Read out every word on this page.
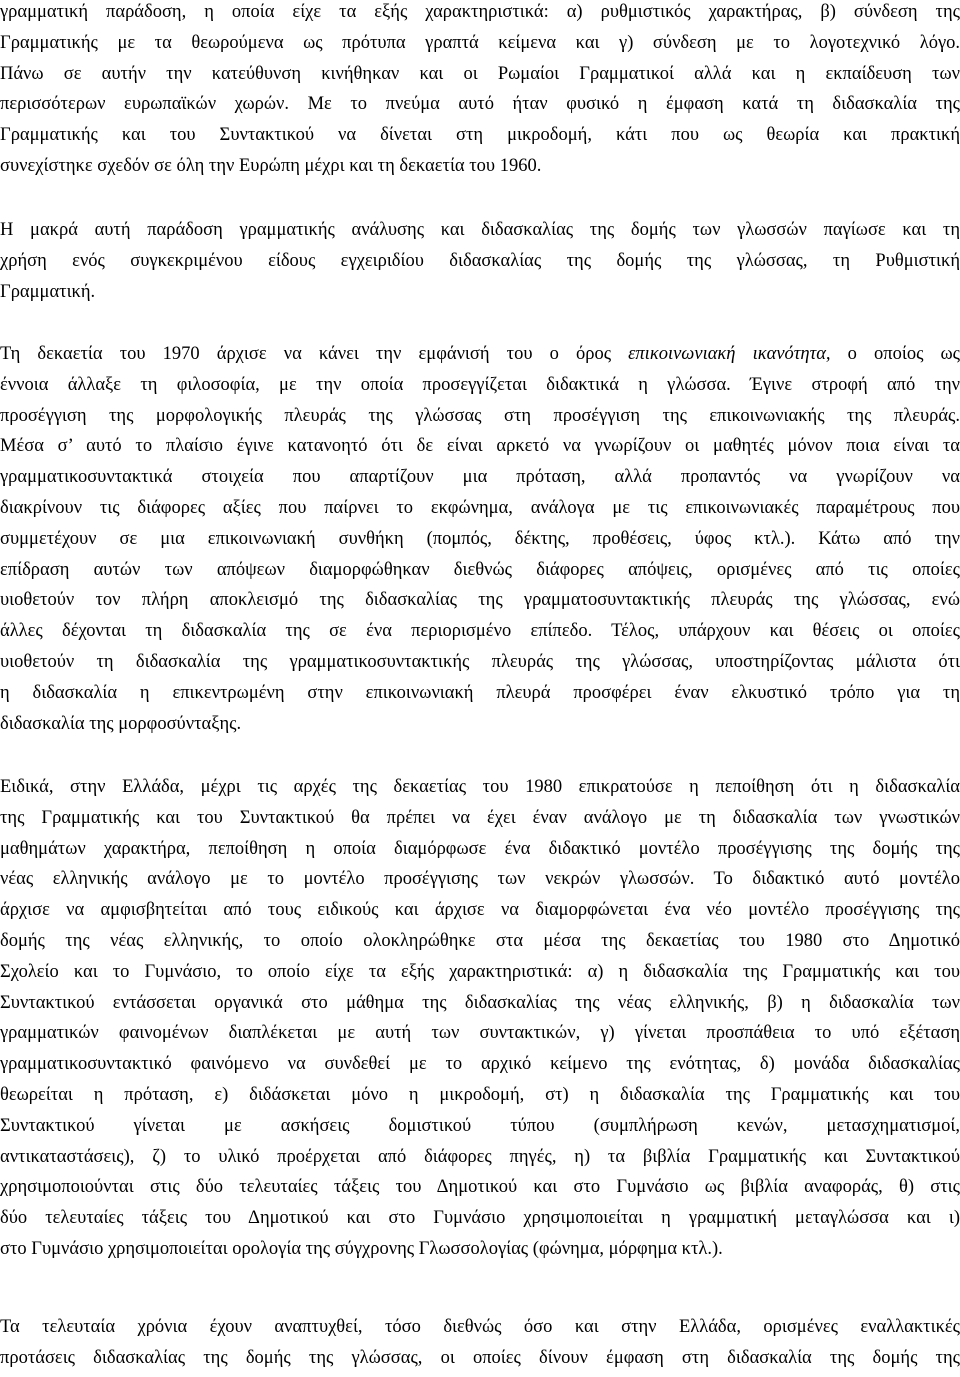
γραμματική παράδοση, η οποία είχε τα εξής χαρακτηριστικά: α) ρυθμιστικός χαρακτήρας, β) σύνδεση της
Γραμματικής με τα θεωρούμενα ως πρότυπα γραπτά κείμενα και γ) σύνδεση με το λογοτεχνικό λόγο.
Πάνω σε αυτήν την κατεύθυνση κινήθηκαν και οι Ρωμαίοι Γραμματικοί αλλά και η εκπαίδευση των
περισσότερων ευρωπαϊκών χωρών. Με το πνεύμα αυτό ήταν φυσικό η έμφαση κατά τη διδασκαλία της
Γραμματικής και του Συντακτικού να δίνεται στη μικροδομή, κάτι που ως θεωρία και πρακτική
συνεχίστηκε σχεδόν σε όλη την Ευρώπη μέχρι και τη δεκαετία του 1960.
Η μακρά αυτή παράδοση γραμματικής ανάλυσης και διδασκαλίας της δομής των γλωσσών παγίωσε και τη
χρήση ενός συγκεκριμένου είδους εγχειριδίου διδασκαλίας της δομής της γλώσσας, τη Ρυθμιστική
Γραμματική.
Τη δεκαετία του 1970 άρχισε να κάνει την εμφάνισή του ο όρος επικοινωνιακή ικανότητα, ο οποίος ως
έννοια άλλαξε τη φιλοσοφία, με την οποία προσεγγίζεται διδακτικά η γλώσσα. Έγινε στροφή από την
προσέγγιση της μορφολογικής πλευράς της γλώσσας στη προσέγγιση της επικοινωνιακής της πλευράς.
Μέσα σ’ αυτό το πλαίσιο έγινε κατανοητό ότι δε είναι αρκετό να γνωρίζουν οι μαθητές μόνον ποια είναι τα
γραμματικοσυντακτικά στοιχεία που απαρτίζουν μια πρόταση, αλλά προπαντός να γνωρίζουν να
διακρίνουν τις διάφορες αξίες που παίρνει το εκφώνημα, ανάλογα με τις επικοινωνιακές παραμέτρους που
συμμετέχουν σε μια επικοινωνιακή συνθήκη (πομπός, δέκτης, προθέσεις, ύφος κτλ.). Κάτω από την
επίδραση αυτών των απόψεων διαμορφώθηκαν διεθνώς διάφορες απόψεις, ορισμένες από τις οποίες
υιοθετούν τον πλήρη αποκλεισμό της διδασκαλίας της γραμματοσυντακτικής πλευράς της γλώσσας, ενώ
άλλες δέχονται τη διδασκαλία της σε ένα περιορισμένο επίπεδο. Τέλος, υπάρχουν και θέσεις οι οποίες
υιοθετούν τη διδασκαλία της γραμματικοσυντακτικής πλευράς της γλώσσας, υποστηρίζοντας μάλιστα ότι
η διδασκαλία η επικεντρωμένη στην επικοινωνιακή πλευρά προσφέρει έναν ελκυστικό τρόπο για τη
διδασκαλία της μορφοσύνταξης.
Ειδικά, στην Ελλάδα, μέχρι τις αρχές της δεκαετίας του 1980 επικρατούσε η πεποίθηση ότι η διδασκαλία
της Γραμματικής και του Συντακτικού θα πρέπει να έχει έναν ανάλογο με τη διδασκαλία των γνωστικών
μαθημάτων χαρακτήρα, πεποίθηση η οποία διαμόρφωσε ένα διδακτικό μοντέλο προσέγγισης της δομής της
νέας ελληνικής ανάλογο με το μοντέλο προσέγγισης των νεκρών γλωσσών. Το διδακτικό αυτό μοντέλο
άρχισε να αμφισβητείται από τους ειδικούς και άρχισε να διαμορφώνεται ένα νέο μοντέλο προσέγγισης της
δομής της νέας ελληνικής, το οποίο ολοκληρώθηκε στα μέσα της δεκαετίας του 1980 στο Δημοτικό
Σχολείο και το Γυμνάσιο, το οποίο είχε τα εξής χαρακτηριστικά: α) η διδασκαλία της Γραμματικής και του
Συντακτικού εντάσσεται οργανικά στο μάθημα της διδασκαλίας της νέας ελληνικής, β) η διδασκαλία των
γραμματικών φαινομένων διαπλέκεται με αυτή των συντακτικών, γ) γίνεται προσπάθεια το υπό εξέταση
γραμματικοσυντακτικό φαινόμενο να συνδεθεί με το αρχικό κείμενο της ενότητας, δ) μονάδα διδασκαλίας
θεωρείται η πρόταση, ε) διδάσκεται μόνο η μικροδομή, στ) η διδασκαλία της Γραμματικής και του
Συντακτικού γίνεται με ασκήσεις δομιστικού τύπου (συμπλήρωση κενών, μετασχηματισμοί,
αντικαταστάσεις), ζ) το υλικό προέρχεται από διάφορες πηγές, η) τα βιβλία Γραμματικής και Συντακτικού
χρησιμοποιούνται στις δύο τελευταίες τάξεις του Δημοτικού και στο Γυμνάσιο ως βιβλία αναφοράς, θ) στις
δύο τελευταίες τάξεις του Δημοτικού και στο Γυμνάσιο χρησιμοποιείται η γραμματική μεταγλώσσα και ι)
στο Γυμνάσιο χρησιμοποιείται ορολογία της σύγχρονης Γλωσσολογίας (φώνημα, μόρφημα κτλ.).
Τα τελευταία χρόνια έχουν αναπτυχθεί, τόσο διεθνώς όσο και στην Ελλάδα, ορισμένες εναλλακτικές
προτάσεις διδασκαλίας της δομής της γλώσσας, οι οποίες δίνουν έμφαση στη διδασκαλία της δομής της
